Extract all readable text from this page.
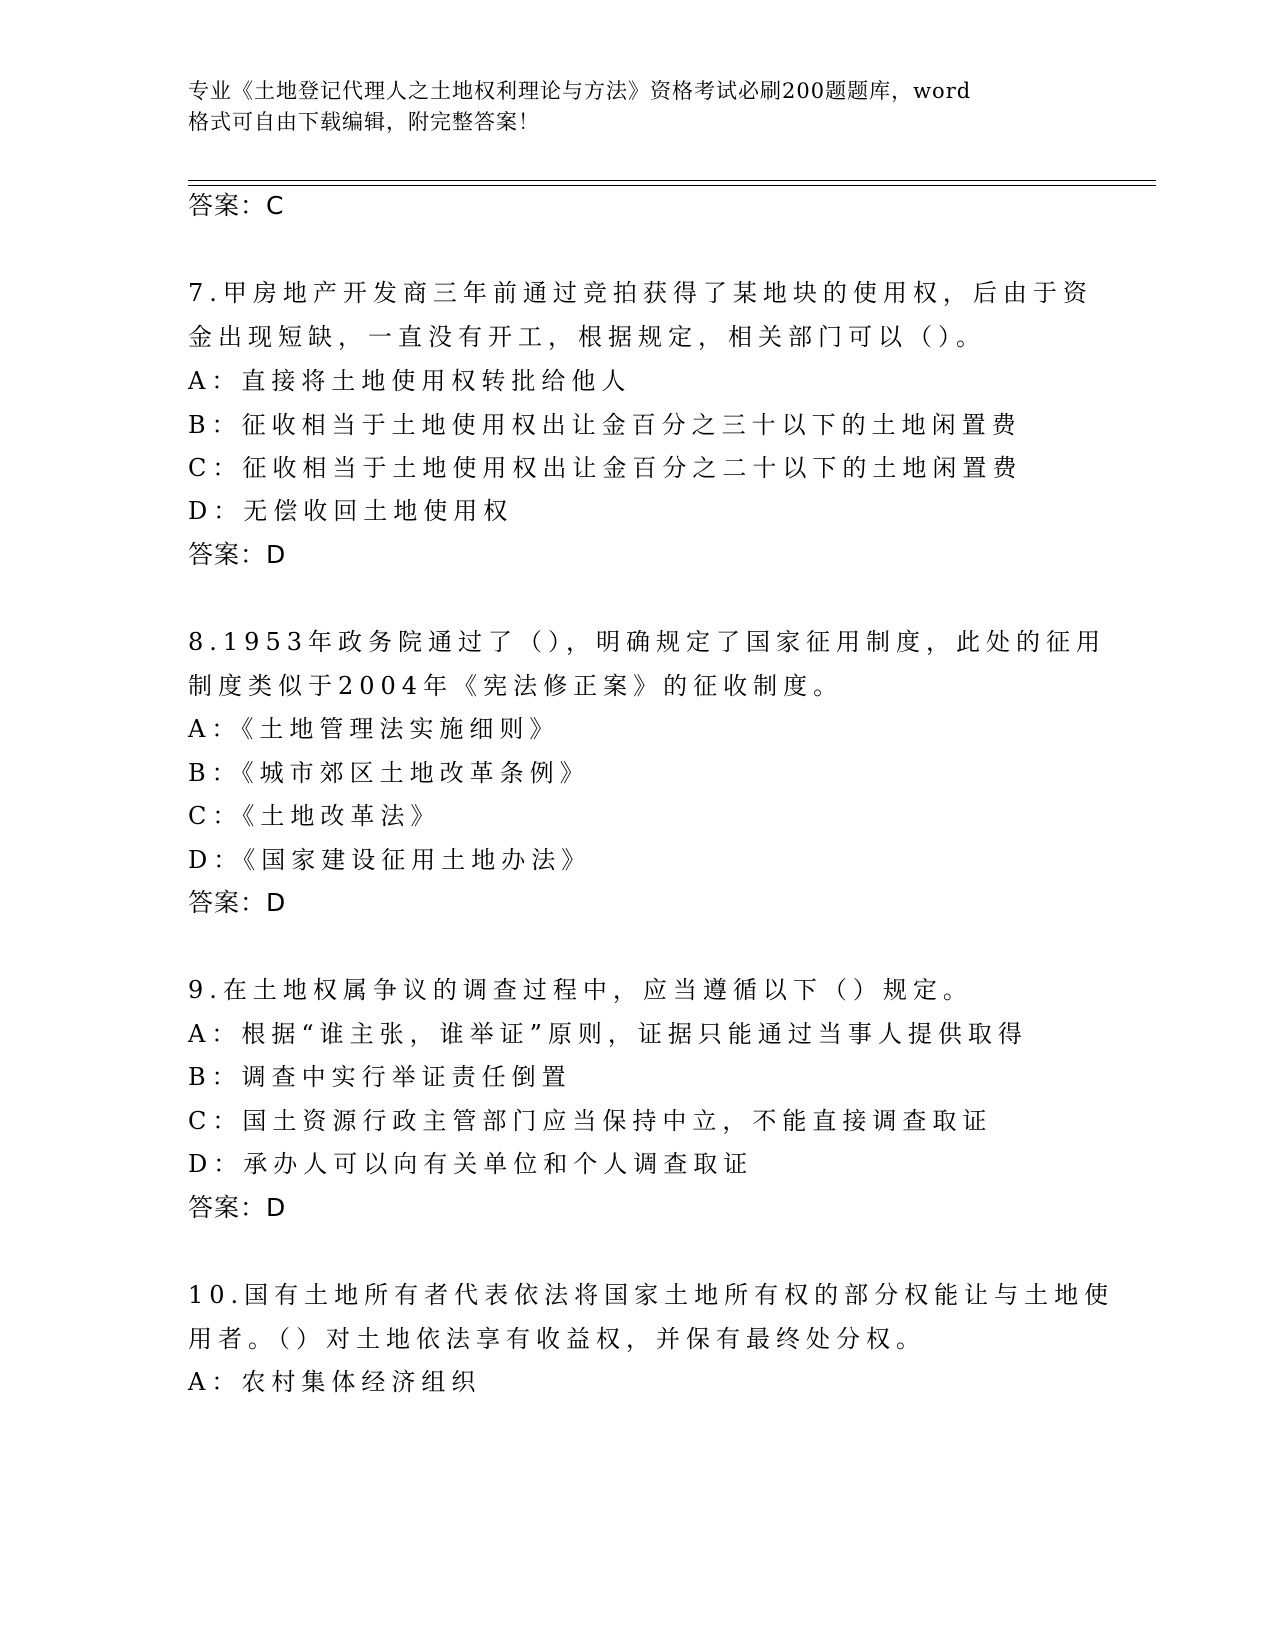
专业《土地登记代理人之土地权利理论与方法》资格考试必刷200题题库，word
格式可自由下载编辑，附完整答案！
答案：C
7.甲房地产开发商三年前通过竞拍获得了某地块的使用权，后由于资
金出现短缺，一直没有开工，根据规定，相关部门可以（）。
A：直接将土地使用权转批给他人
B：征收相当于土地使用权出让金百分之三十以下的土地闲置费
C：征收相当于土地使用权出让金百分之二十以下的土地闲置费
D：无偿收回土地使用权
答案：D
8.1953年政务院通过了（），明确规定了国家征用制度，此处的征用
制度类似于2004年《宪法修正案》的征收制度。
A：《土地管理法实施细则》
B：《城市郊区土地改革条例》
C：《土地改革法》
D：《国家建设征用土地办法》
答案：D
9.在土地权属争议的调查过程中，应当遵循以下（）规定。
A：根据“谁主张，谁举证”原则，证据只能通过当事人提供取得
B：调查中实行举证责任倒置
C：国土资源行政主管部门应当保持中立，不能直接调查取证
D：承办人可以向有关单位和个人调查取证
答案：D
10.国有土地所有者代表依法将国家土地所有权的部分权能让与土地使
用者。（）对土地依法享有收益权，并保有最终处分权。
A：农村集体经济组织
